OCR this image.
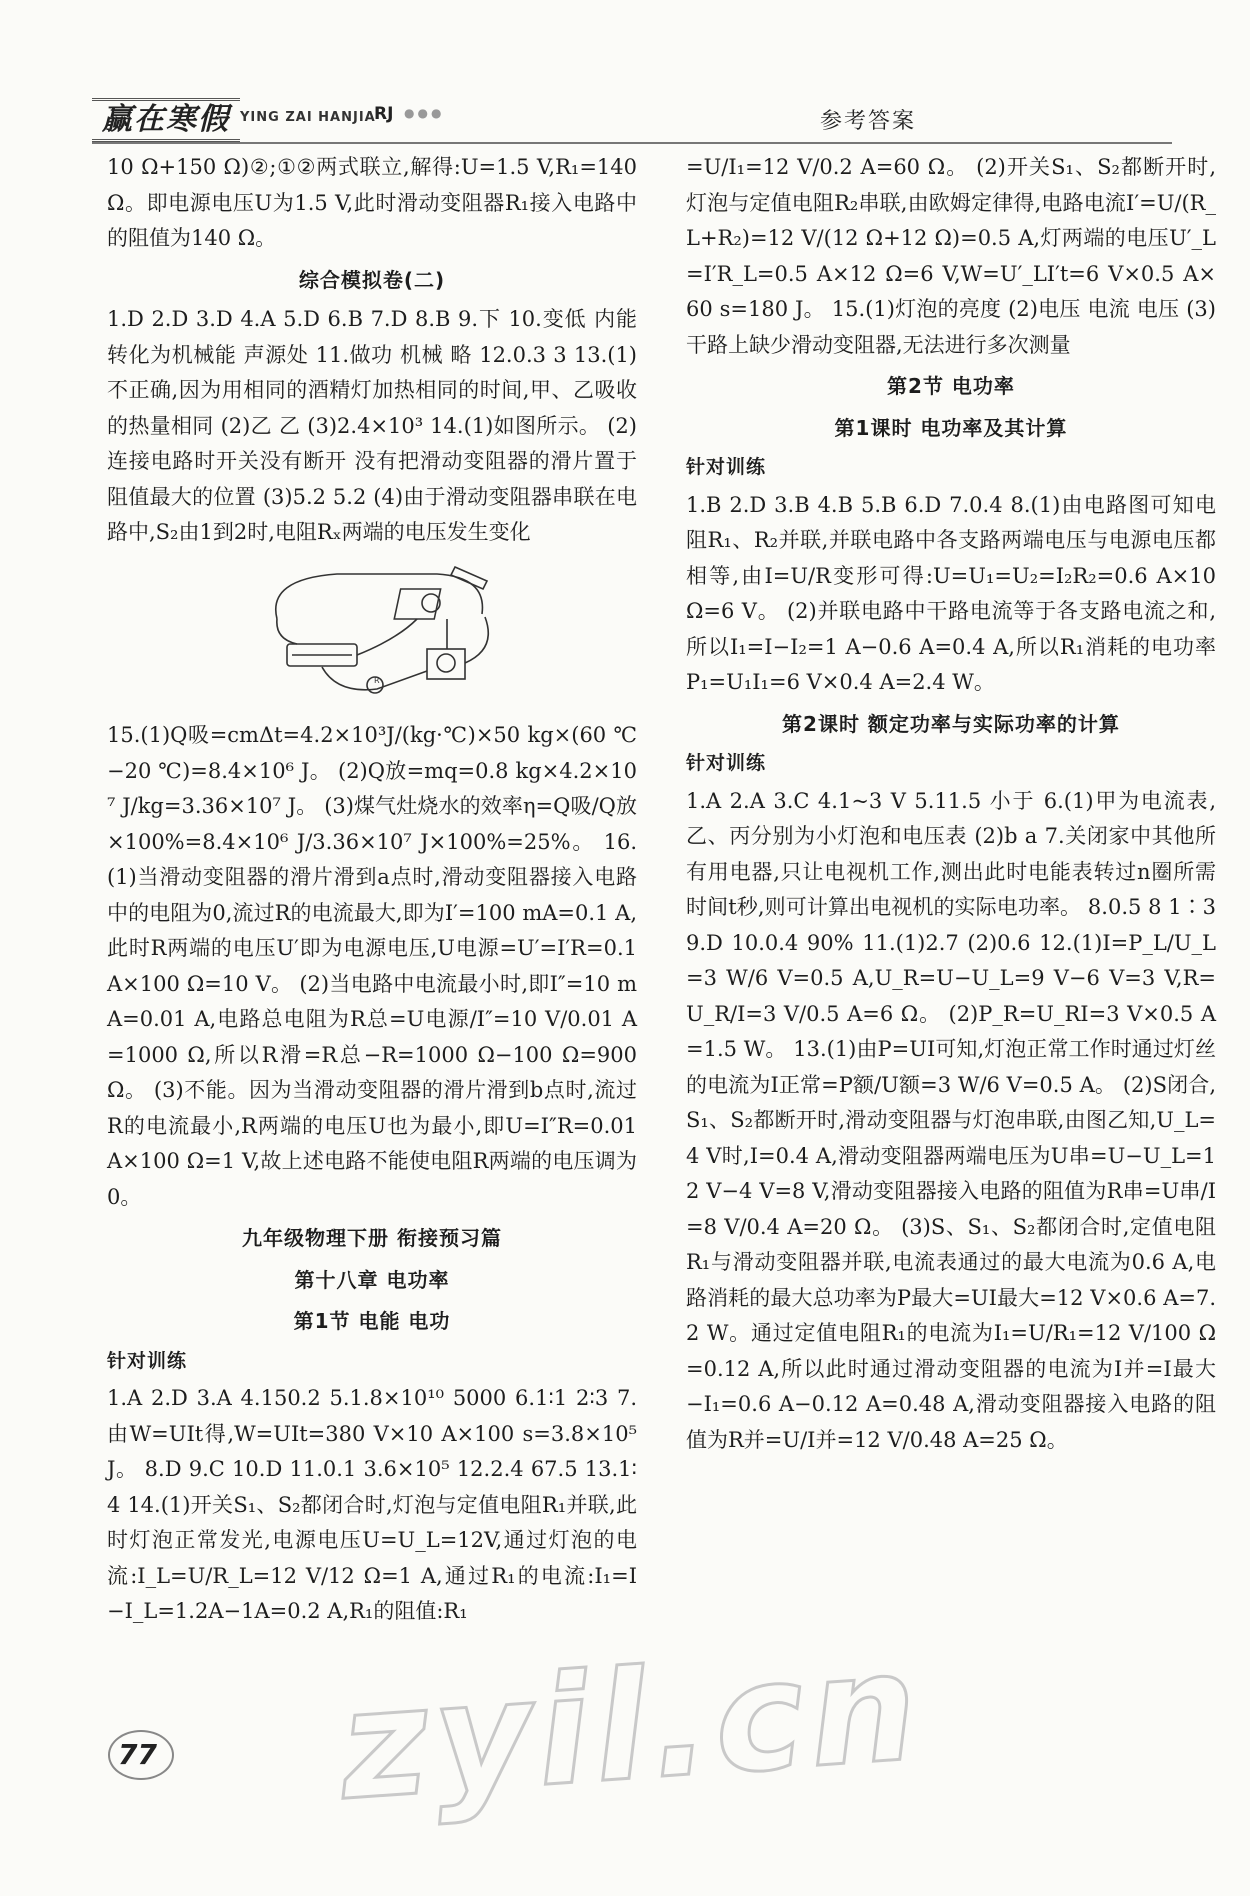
赢在寒假 YING ZAI HANJIA
RJ ●●●	参考答案

10 Ω+150 Ω)②;①②两式联立,解得:U=1.5 V,R₁=140 Ω。即电源电压U为1.5 V,此时滑动变阻器R₁接入电路中的阻值为140 Ω。

综合模拟卷(二)

1.D 2.D 3.D 4.A 5.D 6.B 7.D 8.B 9.下 10.变低 内能转化为机械能 声源处 11.做功 机械 略 12.0.3 3 13.(1)不正确,因为用相同的酒精灯加热相同的时间,甲、乙吸收的热量相同 (2)乙 乙 (3)2.4×10³ 14.(1)如图所示。 (2)连接电路时开关没有断开 没有把滑动变阻器的滑片置于阻值最大的位置 (3)5.2 5.2 (4)由于滑动变阻器串联在电路中,S₂由1到2时,电阻Rₓ两端的电压发生变化

R

15.(1)Q吸=cmΔt=4.2×10³J/(kg·℃)×50 kg×(60 ℃−20 ℃)=8.4×10⁶ J。 (2)Q放=mq=0.8 kg×4.2×10⁷ J/kg=3.36×10⁷ J。 (3)煤气灶烧水的效率η=Q吸/Q放×100%=8.4×10⁶ J/3.36×10⁷ J×100%=25%。 16.(1)当滑动变阻器的滑片滑到a点时,滑动变阻器接入电路中的电阻为0,流过R的电流最大,即为I′=100 mA=0.1 A,此时R两端的电压U′即为电源电压,U电源=U′=I′R=0.1 A×100 Ω=10 V。 (2)当电路中电流最小时,即I″=10 mA=0.01 A,电路总电阻为R总=U电源/I″=10 V/0.01 A=1000 Ω,所以R滑=R总−R=1000 Ω−100 Ω=900 Ω。 (3)不能。因为当滑动变阻器的滑片滑到b点时,流过R的电流最小,R两端的电压U也为最小,即U=I″R=0.01 A×100 Ω=1 V,故上述电路不能使电阻R两端的电压调为0。

九年级物理下册 衔接预习篇
第十八章 电功率
第1节 电能 电功
针对训练

1.A 2.D 3.A 4.150.2 5.1.8×10¹⁰ 5000 6.1∶1 2∶3 7.由W=UIt得,W=UIt=380 V×10 A×100 s=3.8×10⁵ J。 8.D 9.C 10.D 11.0.1 3.6×10⁵ 12.2.4 67.5 13.1∶4 14.(1)开关S₁、S₂都闭合时,灯泡与定值电阻R₁并联,此时灯泡正常发光,电源电压U=U_L=12V,通过灯泡的电流:I_L=U/R_L=12 V/12 Ω=1 A,通过R₁的电流:I₁=I−I_L=1.2A−1A=0.2 A,R₁的阻值:R₁

=U/I₁=12 V/0.2 A=60 Ω。 (2)开关S₁、S₂都断开时,灯泡与定值电阻R₂串联,由欧姆定律得,电路电流I′=U/(R_L+R₂)=12 V/(12 Ω+12 Ω)=0.5 A,灯两端的电压U′_L=I′R_L=0.5 A×12 Ω=6 V,W=U′_LI′t=6 V×0.5 A×60 s=180 J。 15.(1)灯泡的亮度 (2)电压 电流 电压 (3)干路上缺少滑动变阻器,无法进行多次测量

第2节 电功率
第1课时 电功率及其计算
针对训练

1.B 2.D 3.B 4.B 5.B 6.D 7.0.4 8.(1)由电路图可知电阻R₁、R₂并联,并联电路中各支路两端电压与电源电压都相等,由I=U/R变形可得:U=U₁=U₂=I₂R₂=0.6 A×10 Ω=6 V。 (2)并联电路中干路电流等于各支路电流之和,所以I₁=I−I₂=1 A−0.6 A=0.4 A,所以R₁消耗的电功率P₁=U₁I₁=6 V×0.4 A=2.4 W。

第2课时 额定功率与实际功率的计算
针对训练

1.A 2.A 3.C 4.1~3 V 5.11.5 小于 6.(1)甲为电流表,乙、丙分别为小灯泡和电压表 (2)b a 7.关闭家中其他所有用电器,只让电视机工作,测出此时电能表转过n圈所需时间t秒,则可计算出电视机的实际电功率。 8.0.5 8 1∶3 9.D 10.0.4 90% 11.(1)2.7 (2)0.6 12.(1)I=P_L/U_L=3 W/6 V=0.5 A,U_R=U−U_L=9 V−6 V=3 V,R=U_R/I=3 V/0.5 A=6 Ω。 (2)P_R=U_RI=3 V×0.5 A=1.5 W。 13.(1)由P=UI可知,灯泡正常工作时通过灯丝的电流为I正常=P额/U额=3 W/6 V=0.5 A。 (2)S闭合,S₁、S₂都断开时,滑动变阻器与灯泡串联,由图乙知,U_L=4 V时,I=0.4 A,滑动变阻器两端电压为U串=U−U_L=12 V−4 V=8 V,滑动变阻器接入电路的阻值为R串=U串/I=8 V/0.4 A=20 Ω。 (3)S、S₁、S₂都闭合时,定值电阻R₁与滑动变阻器并联,电流表通过的最大电流为0.6 A,电路消耗的最大总功率为P最大=UI最大=12 V×0.6 A=7.2 W。通过定值电阻R₁的电流为I₁=U/R₁=12 V/100 Ω=0.12 A,所以此时通过滑动变阻器的电流为I并=I最大−I₁=0.6 A−0.12 A=0.48 A,滑动变阻器接入电路的阻值为R并=U/I并=12 V/0.48 A=25 Ω。

zyil.cn
77
